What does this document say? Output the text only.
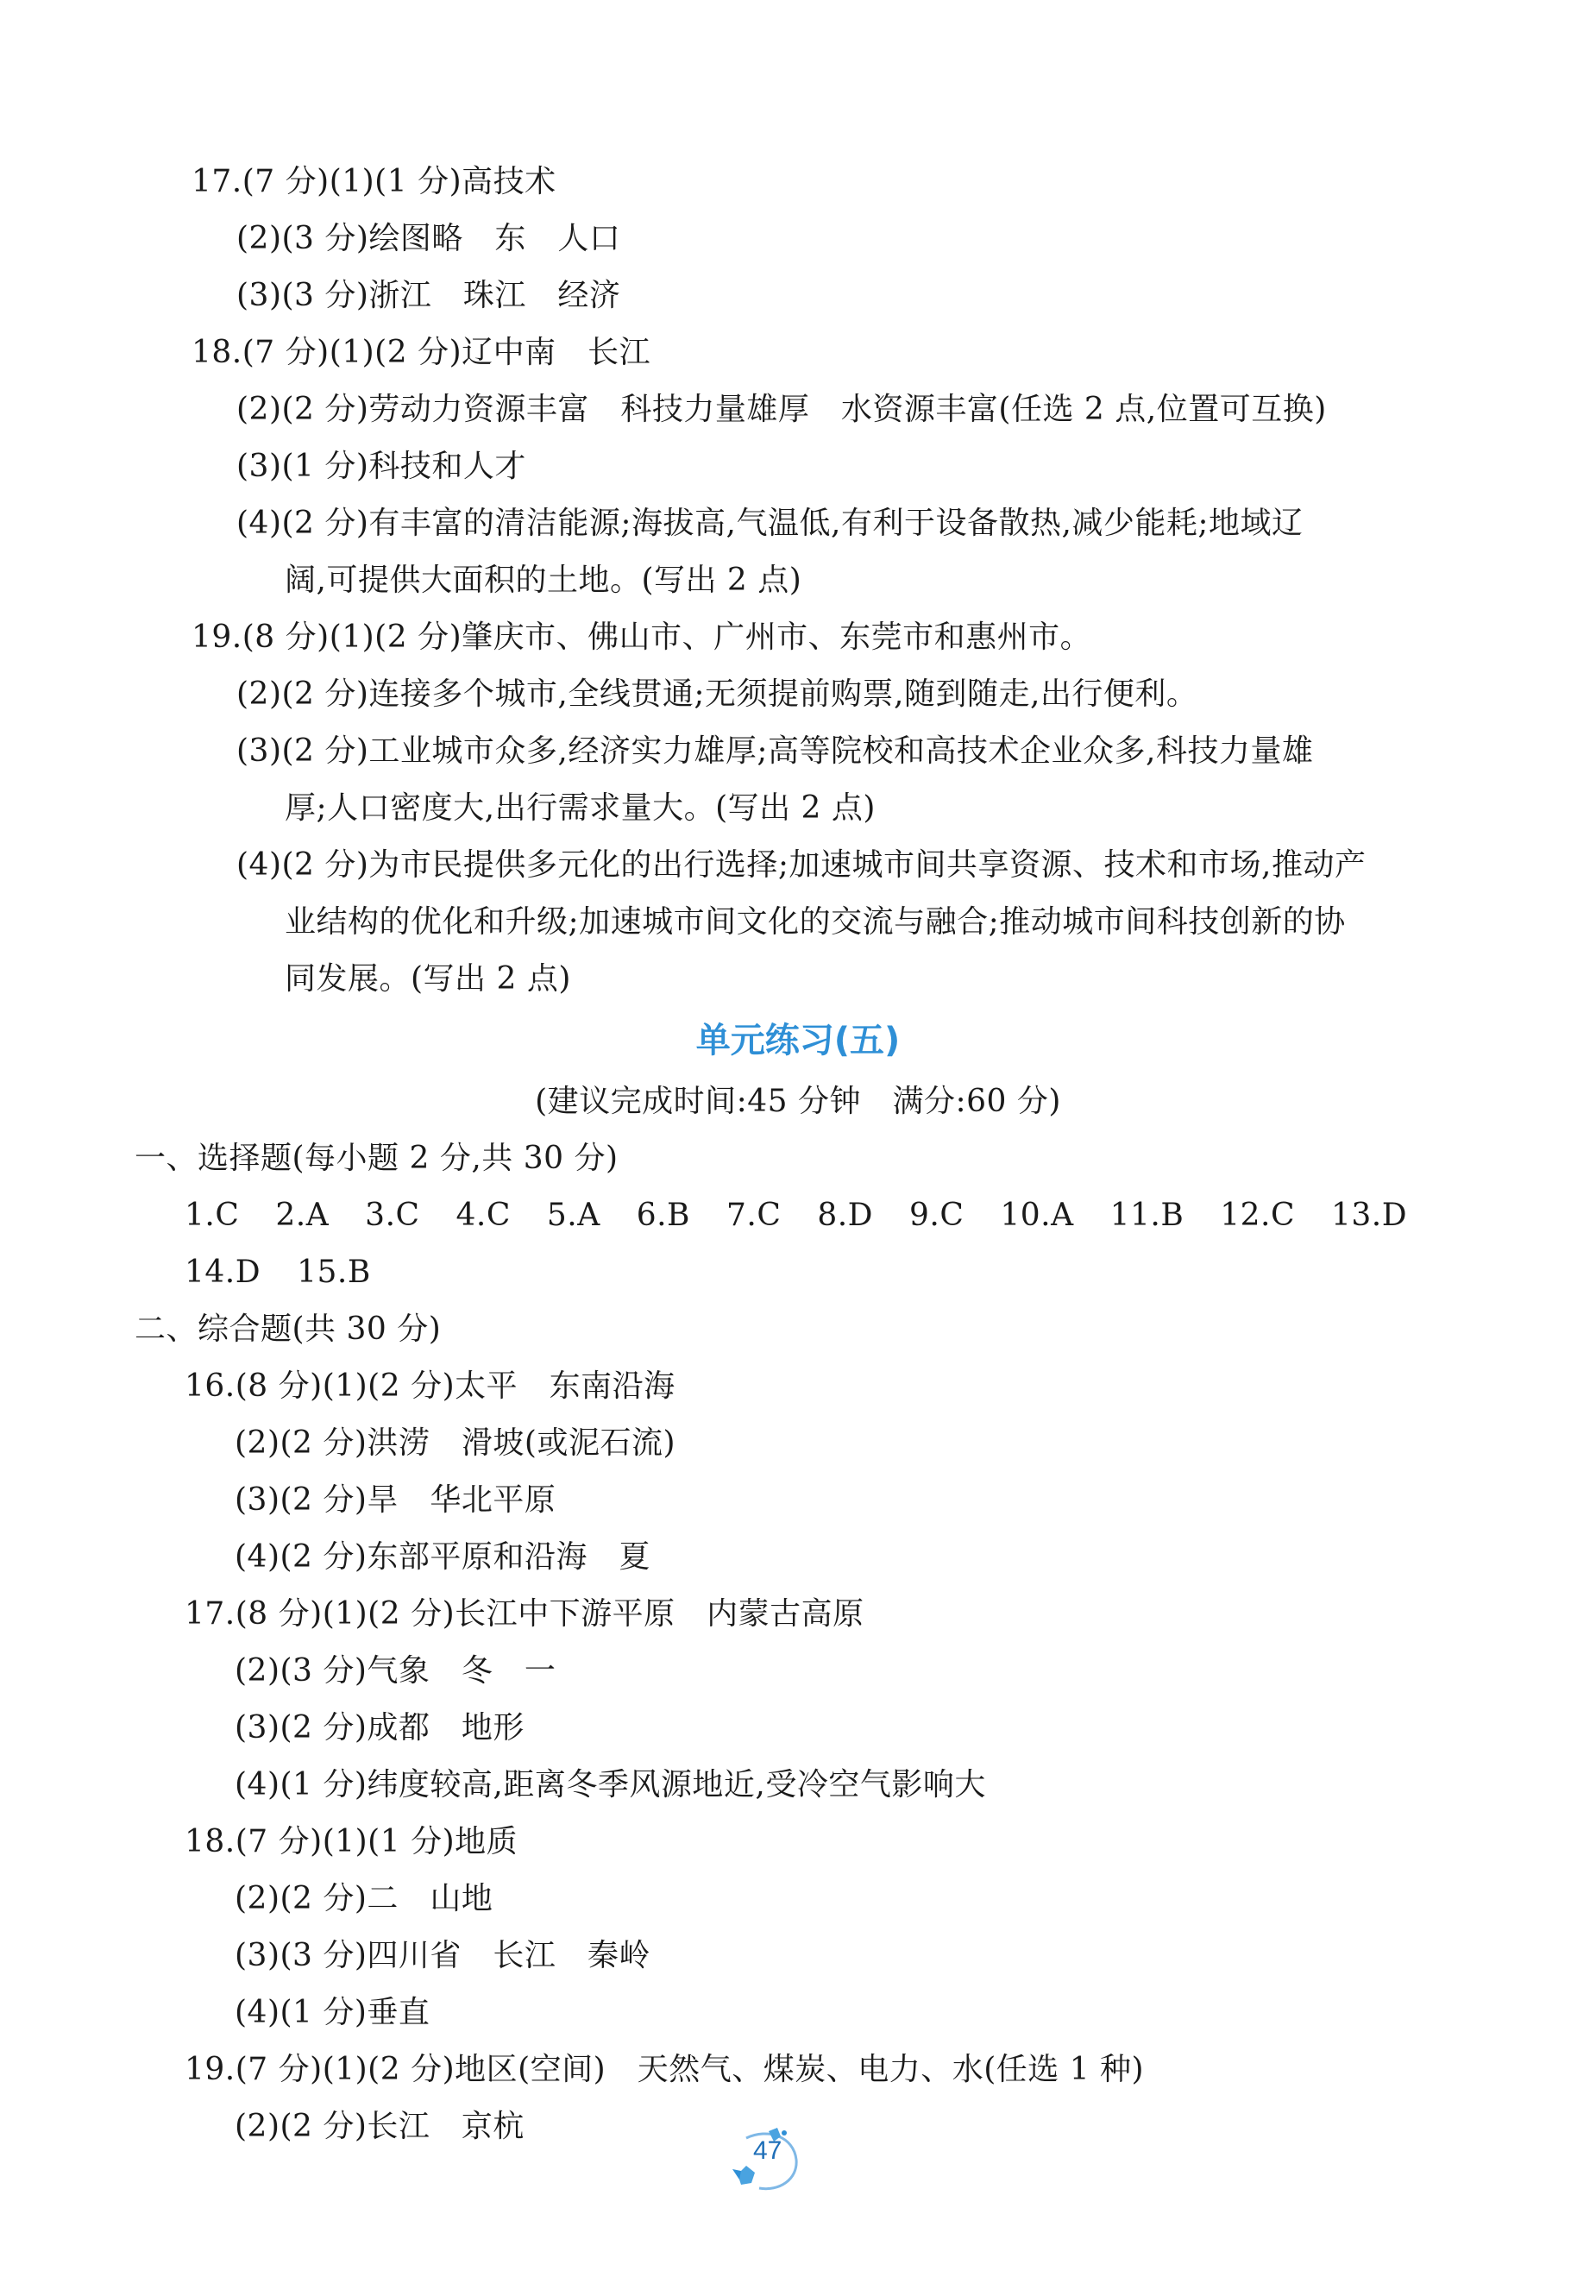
17.(7 分)(1)(1 分)高技术
(2)(3 分)绘图略　东　人口
(3)(3 分)浙江　珠江　经济
18.(7 分)(1)(2 分)辽中南　长江
(2)(2 分)劳动力资源丰富　科技力量雄厚　水资源丰富(任选 2 点,位置可互换)
(3)(1 分)科技和人才
(4)(2 分)有丰富的清洁能源;海拔高,气温低,有利于设备散热,减少能耗;地域辽
阔,可提供大面积的土地。(写出 2 点)
19.(8 分)(1)(2 分)肇庆市、佛山市、广州市、东莞市和惠州市。
(2)(2 分)连接多个城市,全线贯通;无须提前购票,随到随走,出行便利。
(3)(2 分)工业城市众多,经济实力雄厚;高等院校和高技术企业众多,科技力量雄
厚;人口密度大,出行需求量大。(写出 2 点)
(4)(2 分)为市民提供多元化的出行选择;加速城市间共享资源、技术和市场,推动产
业结构的优化和升级;加速城市间文化的交流与融合;推动城市间科技创新的协
同发展。(写出 2 点)
单元练习(五)
(建议完成时间:45 分钟　满分:60 分)
一、选择题(每小题 2 分,共 30 分)
1.C 2.A 3.C 4.C 5.A 6.B 7.C 8.D 9.C 10.A 11.B 12.C 13.D
14.D 15.B
二、综合题(共 30 分)
16.(8 分)(1)(2 分)太平　东南沿海
(2)(2 分)洪涝　滑坡(或泥石流)
(3)(2 分)旱　华北平原
(4)(2 分)东部平原和沿海　夏
17.(8 分)(1)(2 分)长江中下游平原　内蒙古高原
(2)(3 分)气象　冬　一
(3)(2 分)成都　地形
(4)(1 分)纬度较高,距离冬季风源地近,受冷空气影响大
18.(7 分)(1)(1 分)地质
(2)(2 分)二　山地
(3)(3 分)四川省　长江　秦岭
(4)(1 分)垂直
19.(7 分)(1)(2 分)地区(空间)　天然气、煤炭、电力、水(任选 1 种)
(2)(2 分)长江　京杭
47
